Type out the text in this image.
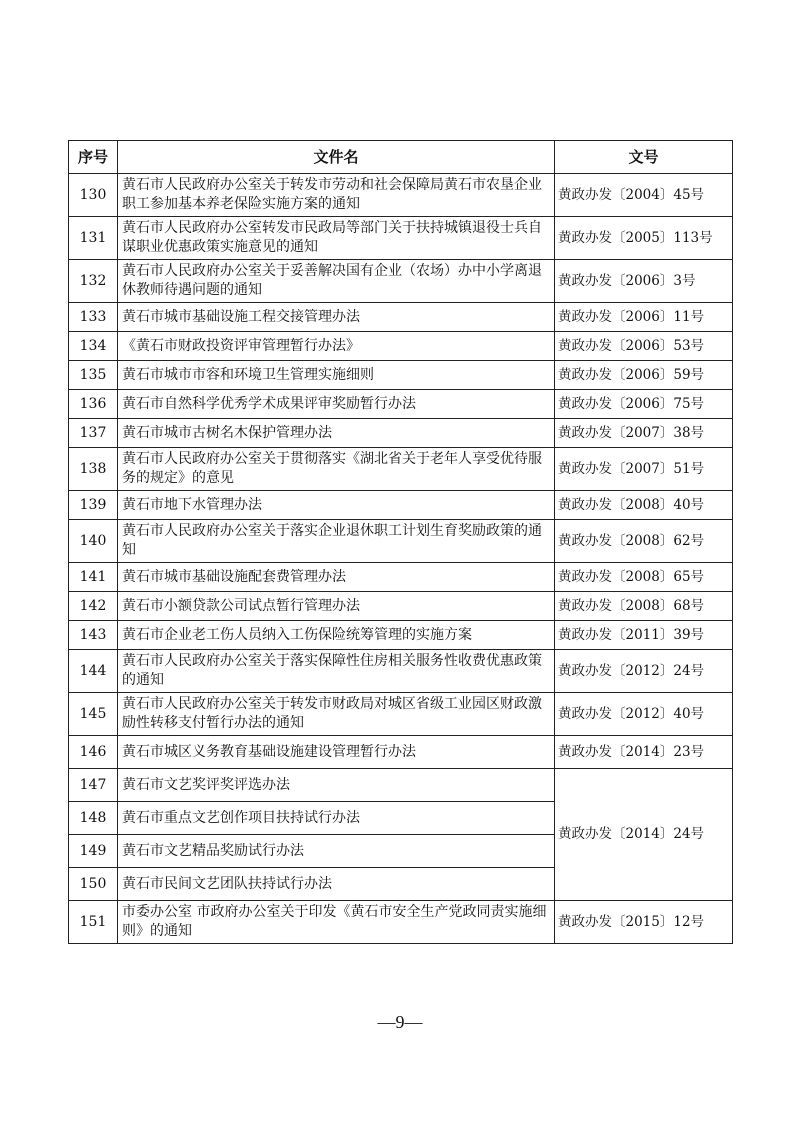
序号	文件名	文号
130	黄石市人民政府办公室关于转发市劳动和社会保障局黄石市农垦企业职工参加基本养老保险实施方案的通知	黄政办发〔2004〕45号
131	黄石市人民政府办公室转发市民政局等部门关于扶持城镇退役士兵自谋职业优惠政策实施意见的通知	黄政办发〔2005〕113号
132	黄石市人民政府办公室关于妥善解决国有企业（农场）办中小学离退休教师待遇问题的通知	黄政办发〔2006〕3号
133	黄石市城市基础设施工程交接管理办法	黄政办发〔2006〕11号
134	《黄石市财政投资评审管理暂行办法》	黄政办发〔2006〕53号
135	黄石市城市市容和环境卫生管理实施细则	黄政办发〔2006〕59号
136	黄石市自然科学优秀学术成果评审奖励暂行办法	黄政办发〔2006〕75号
137	黄石市城市古树名木保护管理办法	黄政办发〔2007〕38号
138	黄石市人民政府办公室关于贯彻落实《湖北省关于老年人享受优待服务的规定》的意见	黄政办发〔2007〕51号
139	黄石市地下水管理办法	黄政办发〔2008〕40号
140	黄石市人民政府办公室关于落实企业退休职工计划生育奖励政策的通知	黄政办发〔2008〕62号
141	黄石市城市基础设施配套费管理办法	黄政办发〔2008〕65号
142	黄石市小额贷款公司试点暂行管理办法	黄政办发〔2008〕68号
143	黄石市企业老工伤人员纳入工伤保险统筹管理的实施方案	黄政办发〔2011〕39号
144	黄石市人民政府办公室关于落实保障性住房相关服务性收费优惠政策的通知	黄政办发〔2012〕24号
145	黄石市人民政府办公室关于转发市财政局对城区省级工业园区财政激励性转移支付暂行办法的通知	黄政办发〔2012〕40号
146	黄石市城区义务教育基础设施建设管理暂行办法	黄政办发〔2014〕23号
147	黄石市文艺奖评奖评选办法	黄政办发〔2014〕24号
148	黄石市重点文艺创作项目扶持试行办法	
149	黄石市文艺精品奖励试行办法	
150	黄石市民间文艺团队扶持试行办法	
151	市委办公室 市政府办公室关于印发《黄石市安全生产党政同责实施细则》的通知	黄政办发〔2015〕12号
—9—
